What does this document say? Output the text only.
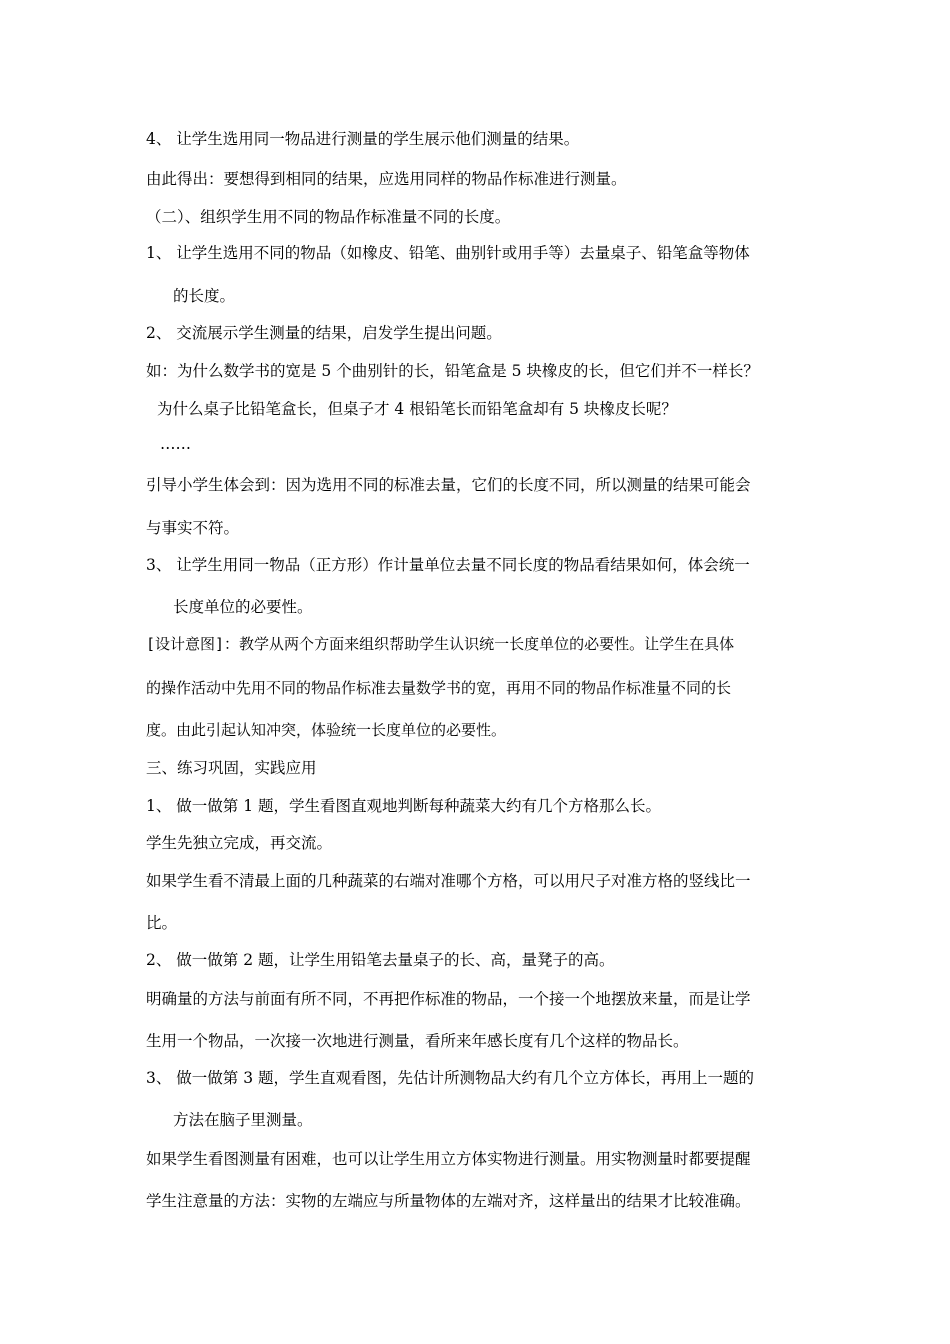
4、 让学生选用同一物品进行测量的学生展示他们测量的结果。
由此得出：要想得到相同的结果，应选用同样的物品作标准进行测量。
（二）、组织学生用不同的物品作标准量不同的长度。
1、 让学生选用不同的物品（如橡皮、铅笔、曲别针或用手等）去量桌子、铅笔盒等物体
的长度。
2、 交流展示学生测量的结果，启发学生提出问题。
如：为什么数学书的宽是 5 个曲别针的长，铅笔盒是 5 块橡皮的长，但它们并不一样长？
为什么桌子比铅笔盒长，但桌子才 4 根铅笔长而铅笔盒却有 5 块橡皮长呢？
……
引导小学生体会到：因为选用不同的标准去量，它们的长度不同，所以测量的结果可能会
与事实不符。
3、 让学生用同一物品（正方形）作计量单位去量不同长度的物品看结果如何，体会统一
长度单位的必要性。
[设计意图]：教学从两个方面来组织帮助学生认识统一长度单位的必要性。让学生在具体
的操作活动中先用不同的物品作标准去量数学书的宽，再用不同的物品作标准量不同的长
度。由此引起认知冲突，体验统一长度单位的必要性。
三、练习巩固，实践应用
1、 做一做第 1 题，学生看图直观地判断每种蔬菜大约有几个方格那么长。
学生先独立完成，再交流。
如果学生看不清最上面的几种蔬菜的右端对准哪个方格，可以用尺子对准方格的竖线比一
比。
2、 做一做第 2 题，让学生用铅笔去量桌子的长、高，量凳子的高。
明确量的方法与前面有所不同，不再把作标准的物品，一个接一个地摆放来量，而是让学
生用一个物品，一次接一次地进行测量，看所来年感长度有几个这样的物品长。
3、 做一做第 3 题，学生直观看图，先估计所测物品大约有几个立方体长，再用上一题的
方法在脑子里测量。
如果学生看图测量有困难，也可以让学生用立方体实物进行测量。用实物测量时都要提醒
学生注意量的方法：实物的左端应与所量物体的左端对齐，这样量出的结果才比较准确。
